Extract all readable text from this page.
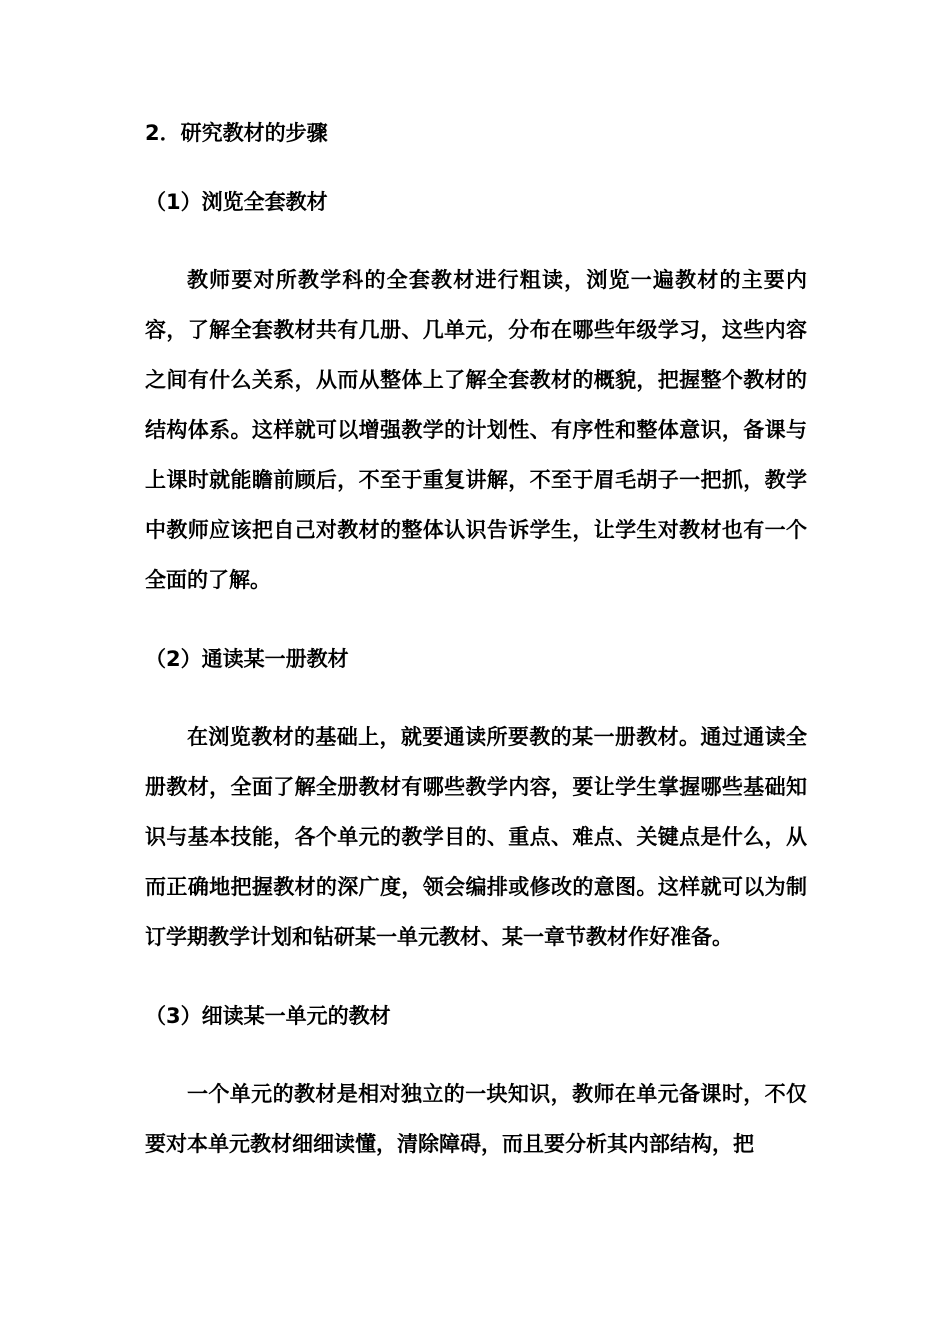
2．研究教材的步骤

（1）浏览全套教材

教师要对所教学科的全套教材进行粗读，浏览一遍教材的主要内容，了解全套教材共有几册、几单元，分布在哪些年级学习，这些内容之间有什么关系，从而从整体上了解全套教材的概貌，把握整个教材的结构体系。这样就可以增强教学的计划性、有序性和整体意识，备课与上课时就能瞻前顾后，不至于重复讲解，不至于眉毛胡子一把抓，教学中教师应该把自己对教材的整体认识告诉学生，让学生对教材也有一个全面的了解。

（2）通读某一册教材

在浏览教材的基础上，就要通读所要教的某一册教材。通过通读全册教材，全面了解全册教材有哪些教学内容，要让学生掌握哪些基础知识与基本技能，各个单元的教学目的、重点、难点、关键点是什么，从而正确地把握教材的深广度，领会编排或修改的意图。这样就可以为制订学期教学计划和钻研某一单元教材、某一章节教材作好准备。

（3）细读某一单元的教材

一个单元的教材是相对独立的一块知识，教师在单元备课时，不仅要对本单元教材细细读懂，清除障碍，而且要分析其内部结构，把
